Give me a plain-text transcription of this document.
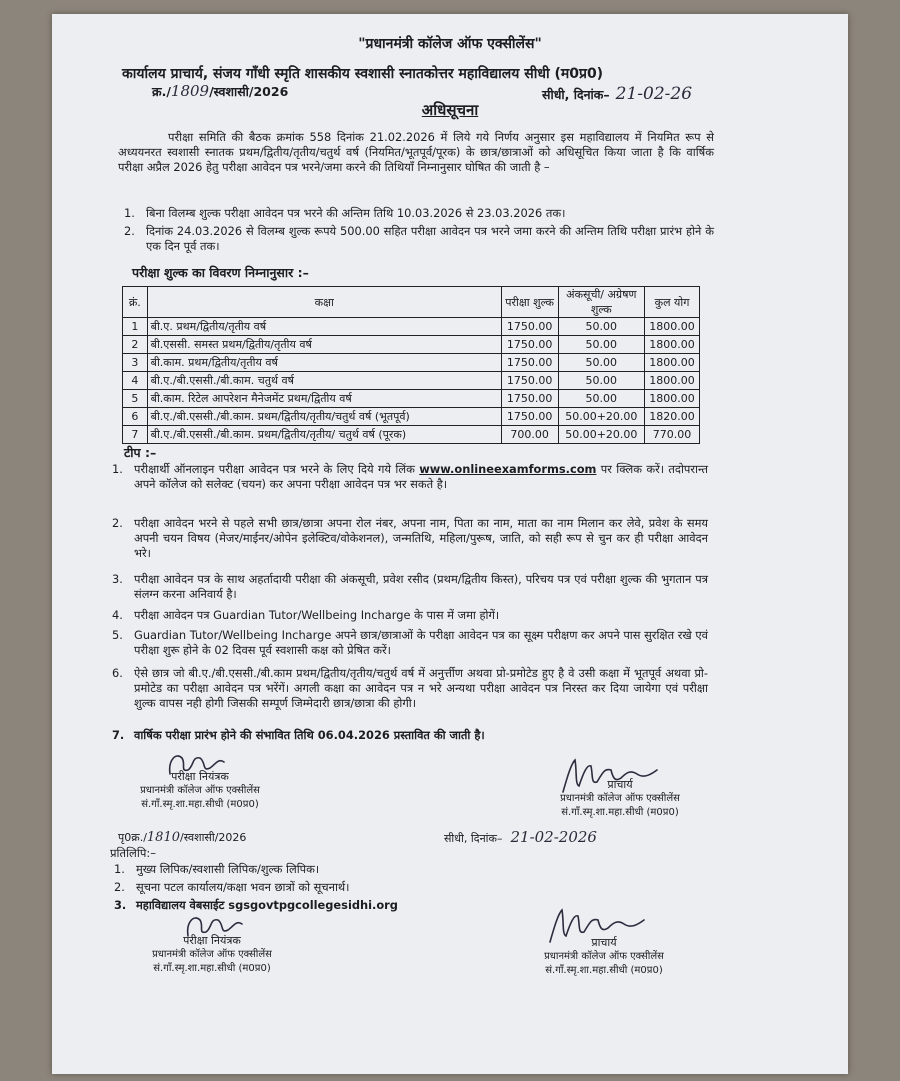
"प्रधानमंत्री कॉलेज ऑफ एक्सीलेंस"
कार्यालय प्राचार्य, संजय गाँधी स्मृति शासकीय स्वशासी स्नातकोत्तर महाविद्यालय सीधी (म0प्र0)
क्र./1809/स्वशासी/2026	सीधी, दिनांक– 21-02-26
अधिसूचना
परीक्षा समिति की बैठक क्रमांक 558 दिनांक 21.02.2026 में लिये गये निर्णय अनुसार इस महाविद्यालय में नियमित रूप से अध्ययनरत स्वशासी स्नातक प्रथम/द्वितीय/तृतीय/चतुर्थ वर्ष (नियमित/भूतपूर्व/पूरक) के छात्र/छात्राओं को अधिसूचित किया जाता है कि वार्षिक परीक्षा अप्रैल 2026 हेतु परीक्षा आवेदन पत्र भरने/जमा करने की तिथियाँ निम्नानुसार घोषित की जाती है –
1. बिना विलम्ब शुल्क परीक्षा आवेदन पत्र भरने की अन्तिम तिथि 10.03.2026 से 23.03.2026 तक।
2. दिनांक 24.03.2026 से विलम्ब शुल्क रूपये 500.00 सहित परीक्षा आवेदन पत्र भरने जमा करने की अन्तिम तिथि परीक्षा प्रारंभ होने के एक दिन पूर्व तक।
परीक्षा शुल्क का विवरण निम्नानुसार :–
क्रं.	कक्षा	परीक्षा शुल्क	अंकसूची/ अग्रेषण शुल्क	कुल योग
1	बी.ए. प्रथम/द्वितीय/तृतीय वर्ष	1750.00	50.00	1800.00
2	बी.एससी. समस्त प्रथम/द्वितीय/तृतीय वर्ष	1750.00	50.00	1800.00
3	बी.काम. प्रथम/द्वितीय/तृतीय वर्ष	1750.00	50.00	1800.00
4	बी.ए./बी.एससी./बी.काम. चतुर्थ वर्ष	1750.00	50.00	1800.00
5	बी.काम. रिटेल आपरेशन मैनेजमेंट प्रथम/द्वितीय वर्ष	1750.00	50.00	1800.00
6	बी.ए./बी.एससी./बी.काम. प्रथम/द्वितीय/तृतीय/चतुर्थ वर्ष (भूतपूर्व)	1750.00	50.00+20.00	1820.00
7	बी.ए./बी.एससी./बी.काम. प्रथम/द्वितीय/तृतीय/ चतुर्थ वर्ष (पूरक)	700.00	50.00+20.00	770.00
टीप :–
1. परीक्षार्थी ऑनलाइन परीक्षा आवेदन पत्र भरने के लिए दिये गये लिंक www.onlineexamforms.com पर क्लिक करें। तदोपरान्त अपने कॉलेज को सलेक्ट (चयन) कर अपना परीक्षा आवेदन पत्र भर सकते है।
2. परीक्षा आवेदन भरने से पहले सभी छात्र/छात्रा अपना रोल नंबर, अपना नाम, पिता का नाम, माता का नाम मिलान कर लेवे, प्रवेश के समय अपनी चयन विषय (मेजर/माईनर/ओपेन इलेक्टिव/वोकेशनल), जन्मतिथि, महिला/पुरूष, जाति, को सही रूप से चुन कर ही परीक्षा आवेदन भरे।
3. परीक्षा आवेदन पत्र के साथ अहर्तादायी परीक्षा की अंकसूची, प्रवेश रसीद (प्रथम/द्वितीय किस्त), परिचय पत्र एवं परीक्षा शुल्क की भुगतान पत्र संलग्न करना अनिवार्य है।
4. परीक्षा आवेदन पत्र Guardian Tutor/Wellbeing Incharge के पास में जमा होगें।
5. Guardian Tutor/Wellbeing Incharge अपने छात्र/छात्राओं के परीक्षा आवेदन पत्र का सूक्ष्म परीक्षण कर अपने पास सुरक्षित रखे एवं परीक्षा शुरू होने के 02 दिवस पूर्व स्वशासी कक्ष को प्रेषित करें।
6. ऐसे छात्र जो बी.ए./बी.एससी./बी.काम प्रथम/द्वितीय/तृतीय/चतुर्थ वर्ष में अनुर्त्तीण अथवा प्रो-प्रमोटेड हुए है वे उसी कक्षा में भूतपूर्व अथवा प्रो-प्रमोटेड का परीक्षा आवेदन पत्र भरेंगें। अगली कक्षा का आवेदन पत्र न भरे अन्यथा परीक्षा आवेदन पत्र निरस्त कर दिया जायेगा एवं परीक्षा शुल्क वापस नही होगी जिसकी सम्पूर्ण जिम्मेदारी छात्र/छात्रा की होगी।
7. वार्षिक परीक्षा प्रारंभ होने की संभावित तिथि 06.04.2026 प्रस्तावित की जाती है।
परीक्षा नियंत्रक
प्रधानमंत्री कॉलेज ऑफ एक्सीलेंस
सं.गाँ.स्मृ.शा.महा.सीधी (म0प्र0)
प्राचार्य
प्रधानमंत्री कॉलेज ऑफ एक्सीलेंस
सं.गाँ.स्मृ.शा.महा.सीधी (म0प्र0)
पृ0क्र./1810/स्वशासी/2026	सीधी, दिनांक– 21-02-2026
प्रतिलिपि:–
1. मुख्य लिपिक/स्वशासी लिपिक/शुल्क लिपिक।
2. सूचना पटल कार्यालय/कक्षा भवन छात्रों को सूचनार्थ।
3. महाविद्यालय वेबसाईट sgsgovtpgcollegesidhi.org
परीक्षा नियंत्रक
प्रधानमंत्री कॉलेज ऑफ एक्सीलेंस
सं.गाँ.स्मृ.शा.महा.सीधी (म0प्र0)
प्राचार्य
प्रधानमंत्री कॉलेज ऑफ एक्सीलेंस
सं.गाँ.स्मृ.शा.महा.सीधी (म0प्र0)
